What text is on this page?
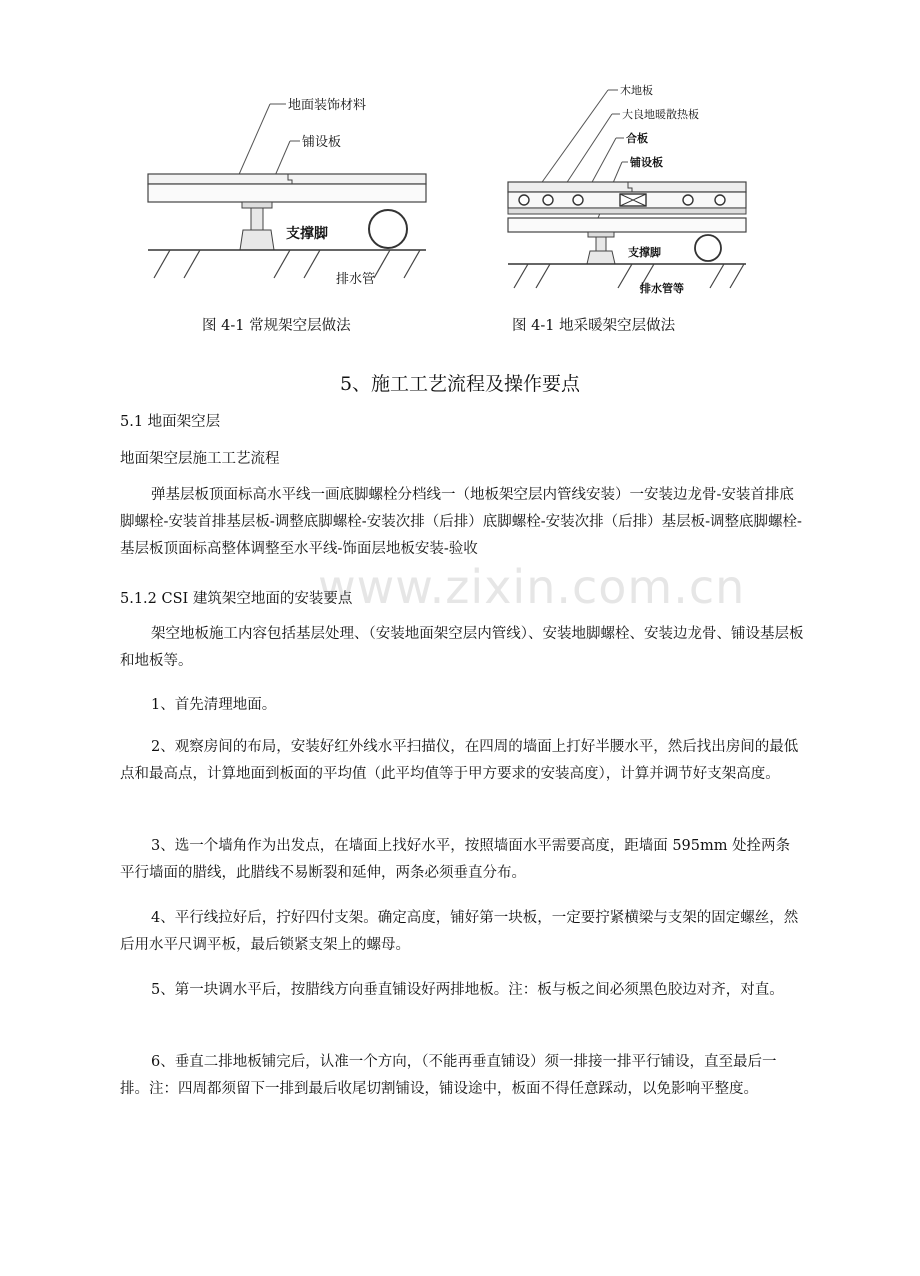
地面装饰材料
铺设板
支撑脚
排水管
木地板
大良地暖散热板
合板
铺设板
支撑脚
排水管等
图 4-1 常规架空层做法	图 4-1 地采暖架空层做法
www.zixin.com.cn
5、施工工艺流程及操作要点
5.1 地面架空层
地面架空层施工工艺流程
弹基层板顶面标高水平线一画底脚螺栓分档线一（地板架空层内管线安装）一安装边龙骨-安装首排底脚螺栓-安装首排基层板-调整底脚螺栓-安装次排（后排）底脚螺栓-安装次排（后排）基层板-调整底脚螺栓-基层板顶面标高整体调整至水平线-饰面层地板安装-验收
5.1.2 CSI 建筑架空地面的安装要点
架空地板施工内容包括基层处理、（安装地面架空层内管线）、安装地脚螺栓、安装边龙骨、铺设基层板和地板等。
1、首先清理地面。
2、观察房间的布局，安装好红外线水平扫描仪，在四周的墙面上打好半腰水平，然后找出房间的最低点和最高点，计算地面到板面的平均值（此平均值等于甲方要求的安装高度），计算并调节好支架高度。
3、选一个墙角作为出发点，在墙面上找好水平，按照墙面水平需要高度，距墙面 595mm 处拴两条平行墙面的腊线，此腊线不易断裂和延伸，两条必须垂直分布。
4、平行线拉好后，拧好四付支架。确定高度，铺好第一块板，一定要拧紧横梁与支架的固定螺丝，然后用水平尺调平板，最后锁紧支架上的螺母。
5、第一块调水平后，按腊线方向垂直铺设好两排地板。注：板与板之间必须黑色胶边对齐，对直。
6、垂直二排地板铺完后，认准一个方向，（不能再垂直铺设）须一排接一排平行铺设，直至最后一排。注：四周都须留下一排到最后收尾切割铺设，铺设途中，板面不得任意踩动，以免影响平整度。
